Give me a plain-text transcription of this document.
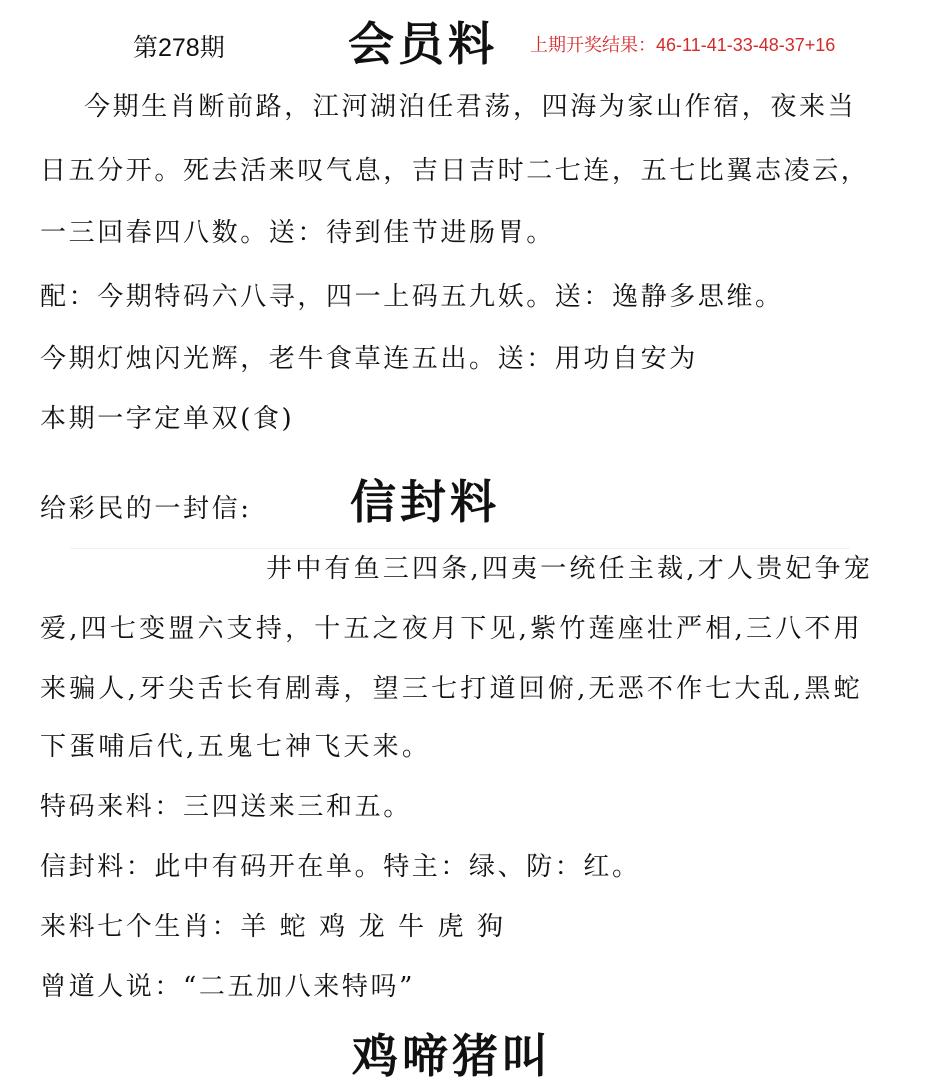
第278期	会员料 上期开奖结果：46-11-41-33-48-37+16
今期生肖断前路，江河湖泊任君荡，四海为家山作宿，夜来当
日五分开。死去活来叹气息，吉日吉时二七连，五七比翼志凌云，
一三回春四八数。送：待到佳节进肠胃。
配：今期特码六八寻，四一上码五九妖。送：逸静多思维。
今期灯烛闪光辉，老牛食草连五出。送：用功自安为
本期一字定单双(食)
给彩民的一封信: 信封料
井中有鱼三四条,四夷一统任主裁,才人贵妃争宠
爱,四七变盟六支持，十五之夜月下见,紫竹莲座壮严相,三八不用
来骗人,牙尖舌长有剧毒，望三七打道回俯,无恶不作七大乱,黑蛇
下蛋哺后代,五鬼七神飞天来。
特码来料：三四送来三和五。
信封料：此中有码开在单。特主：绿、防：红。
来料七个生肖：羊 蛇 鸡 龙 牛 虎 狗
曾道人说：“二五加八来特吗”
鸡啼猪叫
